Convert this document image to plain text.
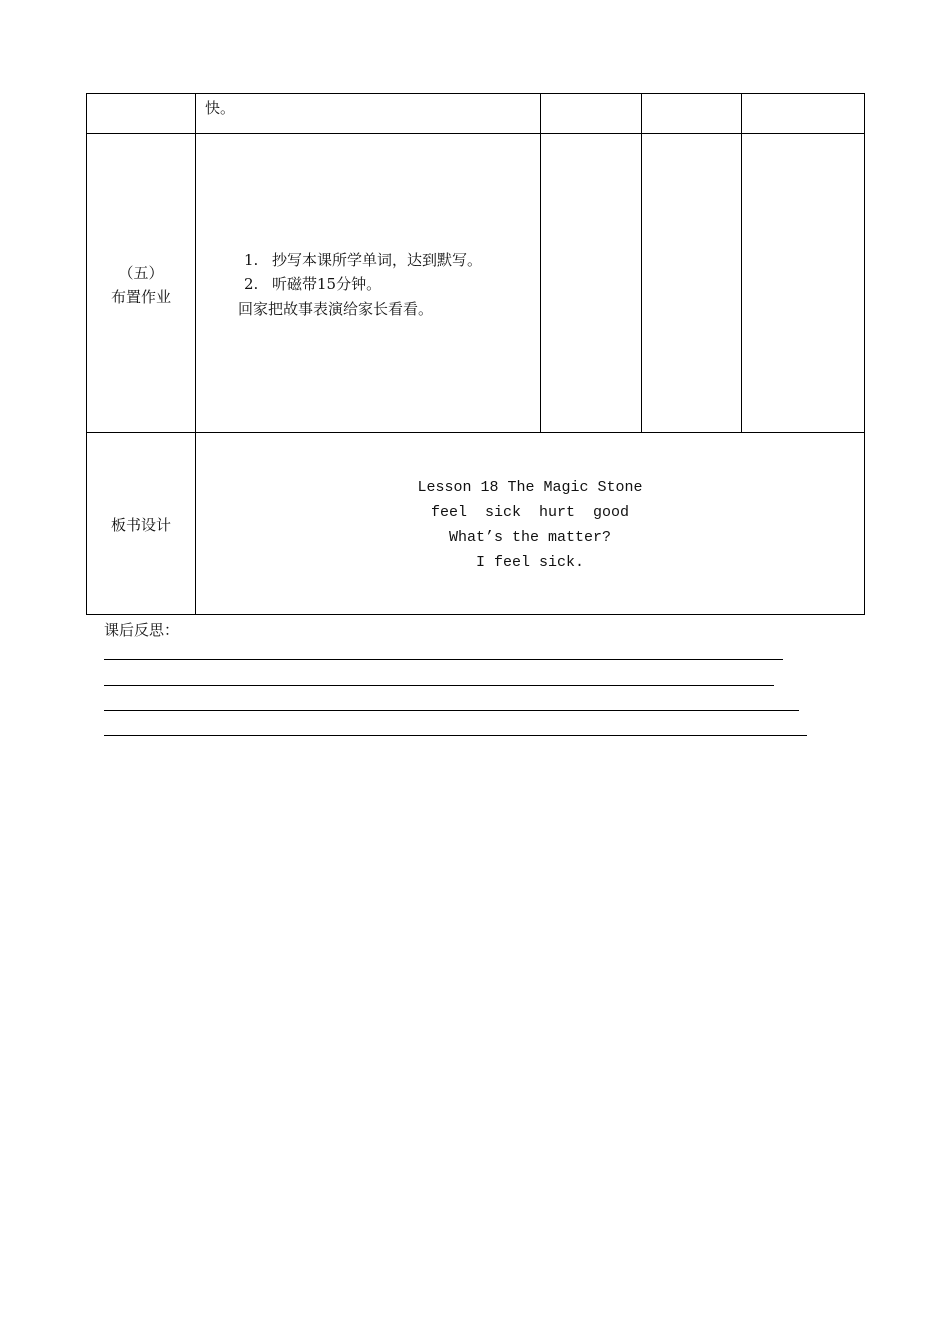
快。
（五）
布置作业
1. 抄写本课所学单词，达到默写。
2. 听磁带15分钟。
回家把故事表演给家长看看。
板书设计
Lesson 18 The Magic Stone
feel  sick  hurt  good
What’s the matter?
I feel sick.
课后反思：
